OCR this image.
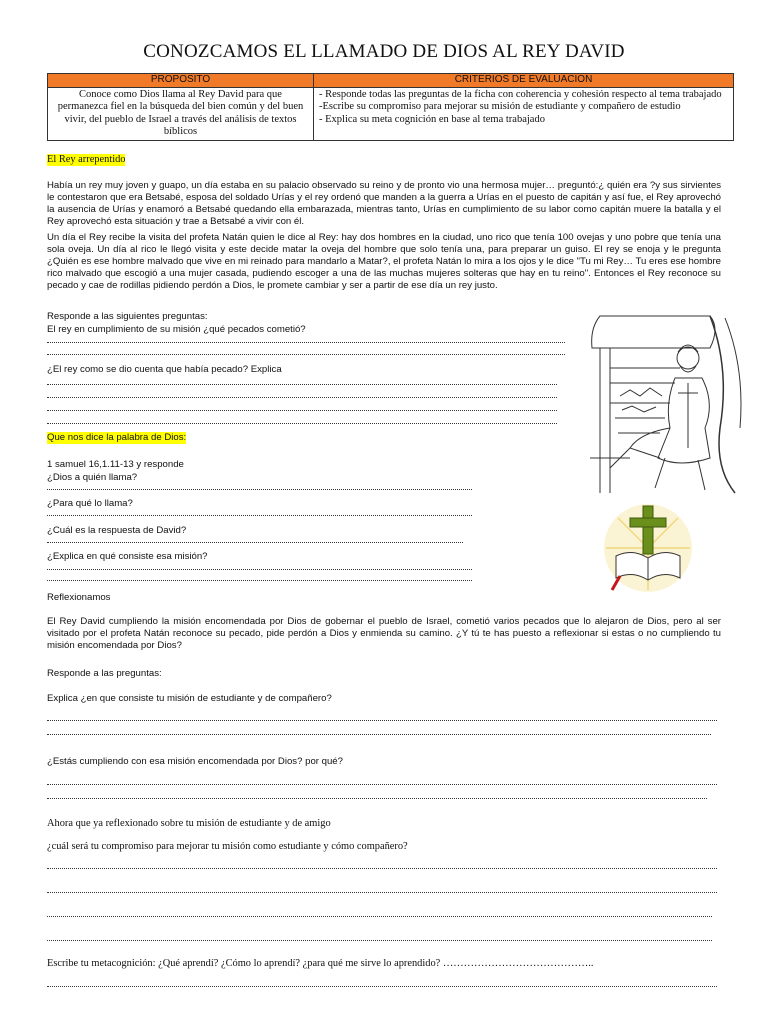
CONOZCAMOS EL LLAMADO DE DIOS AL REY DAVID
PROPOSITO	CRITERIOS DE EVALUACION
Conoce como Dios llama al Rey David para que permanezca fiel en la búsqueda del bien común y del buen vivir, del pueblo de Israel a través del análisis de textos bíblicos	- Responde todas las preguntas de la ficha con coherencia y cohesión respecto al tema trabajado
-Escribe su compromiso para mejorar su misión de estudiante y compañero de estudio
- Explica su meta cognición en base al tema trabajado
El Rey arrepentido
Había un rey muy joven y guapo, un día estaba en su palacio observado su reino y de pronto vio una hermosa mujer… preguntó:¿ quién era ?y sus sirvientes le contestaron que era Betsabé, esposa del soldado Urías y el rey ordenó que manden a la guerra a Urías en el puesto de capitán y así fue, el Rey aprovechó la ausencia de Urías y enamoró a Betsabé quedando ella embarazada, mientras tanto, Urías en cumplimiento de su labor como capitán muere la batalla y el Rey aprovechó esta situación y trae a Betsabé a vivir con él.
Un día el Rey recibe la visita del profeta Natán quien le dice al Rey: hay dos hombres en la ciudad, uno rico que tenía 100 ovejas y uno pobre que tenía una sola oveja. Un día al rico le llegó visita y este decide matar la oveja del hombre que solo tenía una, para preparar un guiso. El rey se enoja y le pregunta ¿Quién es ese hombre malvado que vive en mi reinado para mandarlo a Matar?, el profeta Natán lo mira a los ojos y le dice "Tu mi Rey… Tu eres ese hombre rico malvado que escogió a una mujer casada, pudiendo escoger a una de las muchas mujeres solteras que hay en tu reino". Entonces el Rey reconoce su pecado y cae de rodillas pidiendo perdón a Dios, le promete cambiar y ser a partir de ese día un rey justo.
Responde a las siguientes preguntas:
El rey en cumplimiento de su misión ¿qué pecados cometió?
¿El rey como se dio cuenta que había pecado? Explica
Que nos dice la palabra de Dios:
1 samuel 16,1.11-13 y responde
¿Dios a quién llama?
¿Para qué lo llama?
¿Cuál es la respuesta de David?
¿Explica en qué consiste esa misión?
Reflexionamos
El Rey David cumpliendo la misión encomendada por Dios de gobernar el pueblo de Israel, cometió varios pecados que lo alejaron de Dios, pero al ser visitado por el profeta Natán reconoce su pecado, pide perdón a Dios y enmienda su camino. ¿Y tú te has puesto a reflexionar si estas o no cumpliendo tu misión encomendada por Dios?
Responde a las preguntas:
Explica ¿en que consiste tu misión de estudiante y de compañero?
¿Estás cumpliendo con esa misión encomendada por Dios? por qué?
Ahora que ya reflexionado sobre tu misión de estudiante y de amigo
¿cuál será tu compromiso para mejorar tu misión como estudiante y cómo compañero?
Escribe tu metacognición: ¿Qué aprendí? ¿Cómo lo aprendí? ¿para qué me sirve lo aprendido? ……………………………………..
